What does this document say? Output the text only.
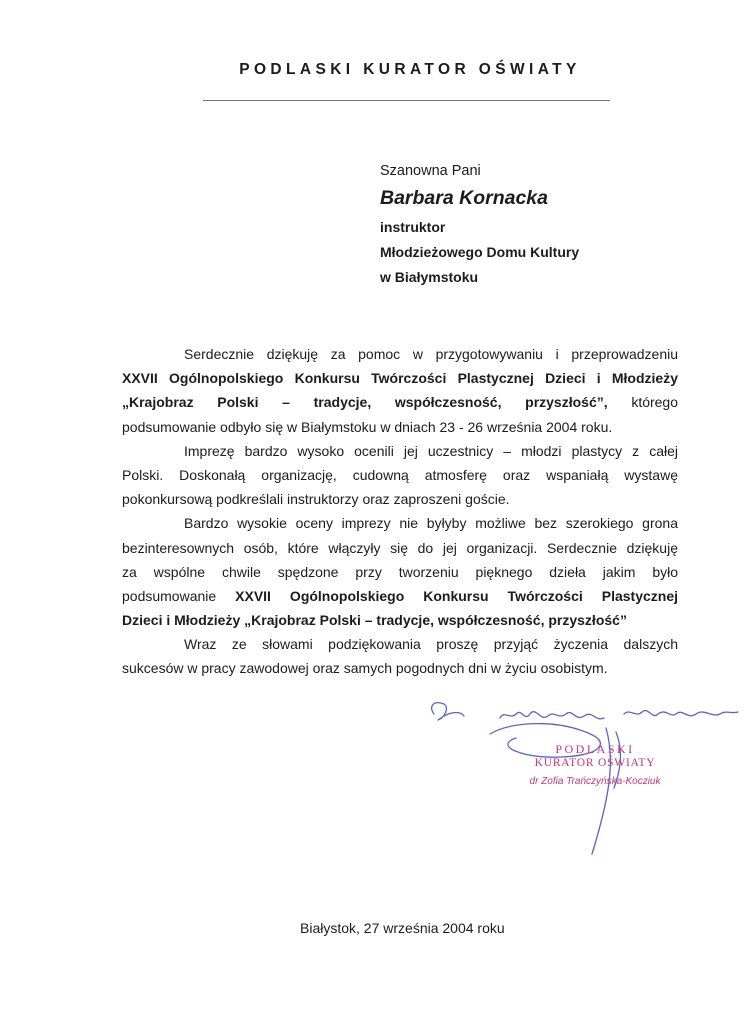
PODLASKI KURATOR OŚWIATY
Szanowna Pani
Barbara Kornacka
instruktor
Młodzieżowego Domu Kultury
w Białymstoku
Serdecznie dziękuję za pomoc w przygotowywaniu i przeprowadzeniu
XXVII Ogólnopolskiego Konkursu Twórczości Plastycznej Dzieci i Młodzieży
„Krajobraz Polski – tradycje, współczesność, przyszłość”, którego
podsumowanie odbyło się w Białymstoku w dniach 23 - 26 września 2004 roku.
Imprezę bardzo wysoko ocenili jej uczestnicy – młodzi plastycy z całej
Polski. Doskonałą organizację, cudowną atmosferę oraz wspaniałą wystawę
pokonkursową podkreślali instruktorzy oraz zaproszeni goście.
Bardzo wysokie oceny imprezy nie byłyby możliwe bez szerokiego grona
bezinteresownych osób, które włączyły się do jej organizacji. Serdecznie dziękuję
za wspólne chwile spędzone przy tworzeniu pięknego dzieła jakim było
podsumowanie XXVII Ogólnopolskiego Konkursu Twórczości Plastycznej
Dzieci i Młodzieży „Krajobraz Polski – tradycje, współczesność, przyszłość”
Wraz ze słowami podziękowania proszę przyjąć życzenia dalszych
sukcesów w pracy zawodowej oraz samych pogodnych dni w życiu osobistym.
PODLASKI
KURATOR OŚWIATY
dr Zofia Trańczyńska-Kocziuk
Białystok, 27 września 2004 roku
